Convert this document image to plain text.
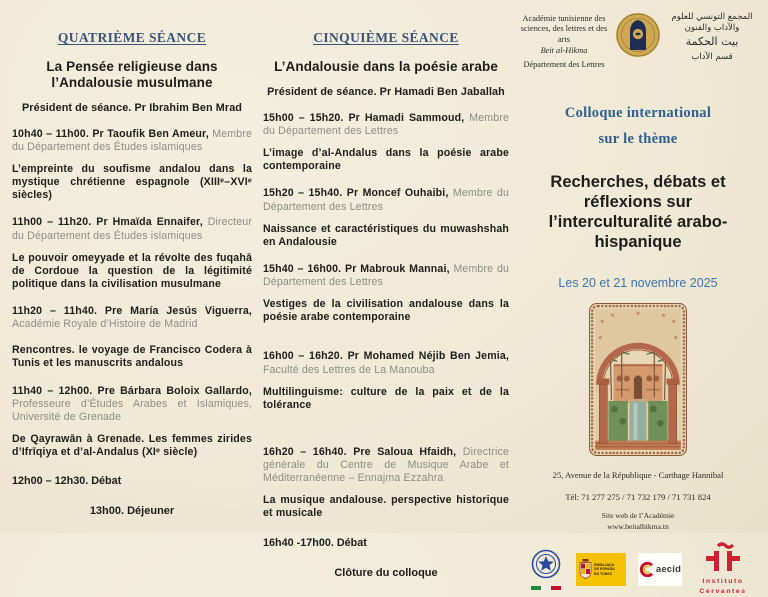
QUATRIÈME SÉANCE
La Pensée religieuse dans l’Andalousie musulmane

Président de séance. Pr Ibrahim Ben Mrad

10h40 – 11h00. Pr Taoufik Ben Ameur, Membre du Département des Études islamiques

L’empreinte du soufisme andalou dans la mystique chrétienne espagnole (XIIIᵉ–XVIᵉ siècles)

11h00 – 11h20. Pr Hmaïda Ennaifer, Directeur du Département des Études islamiques

Le pouvoir omeyyade et la révolte des fuqahā de Cordoue la question de la légitimité politique dans la civilisation musulmane

11h20 – 11h40. Pre María Jesús Viguerra, Académie Royale d’Histoire de Madrid

Rencontres. le voyage de Francisco Codera à Tunis et les manuscrits andalous

11h40 – 12h00. Pre Bárbara Boloix Gallardo, Professeure d’Études Arabes et Islamiques, Université de Grenade

De Qayrawān à Grenade. Les femmes zirides d’Ifrīqiya et d’al-Andalus (XIᵉ siècle)

12h00 – 12h30. Débat

13h00. Déjeuner

CINQUIÈME SÉANCE
L’Andalousie dans la poésie arabe

Président de séance. Pr Hamadi Ben Jaballah

15h00 – 15h20. Pr Hamadi Sammoud, Membre du Département des Lettres

L’image d’al-Andalus dans la poésie arabe contemporaine

15h20 – 15h40. Pr Moncef Ouhaibi, Membre du Département des Lettres

Naissance et caractéristiques du muwashshah en Andalousie

15h40 – 16h00. Pr Mabrouk Mannai, Membre du Département des Lettres

Vestiges de la civilisation andalouse dans la poésie arabe contemporaine

16h00 – 16h20. Pr Mohamed Néjib Ben Jemia, Faculté des Lettres de La Manouba

Multilinguisme: culture de la paix et de la tolérance

16h20 – 16h40. Pre Saloua Hfaidh, Directrice générale du Centre de Musique Arabe et Méditerranéenne – Ennajma Ezzahra

La musique andalouse. perspective historique et musicale

16h40 -17h00. Débat

Clôture du colloque

Académie tunisienne des sciences, des lettres et des arts
Beit al-Hikma
Département des Lettres
المجمع التونسي للعلوم والآداب والفنون
بيت الحكمة
قسم الآداب

Colloque international

sur le thème

Recherches, débats et réflexions sur l’interculturalité arabo-hispanique

Les 20 et 21 novembre 2025

25, Avenue de la République - Carthage Hannibal

Tél: 71 277 275 / 71 732 179 / 71 731 824

Site web de l’Académie
www.beitalhikma.tn

EMBAJADA DE ESPAÑA EN TÚNEZ	aecid
Instituto
Cervantes
